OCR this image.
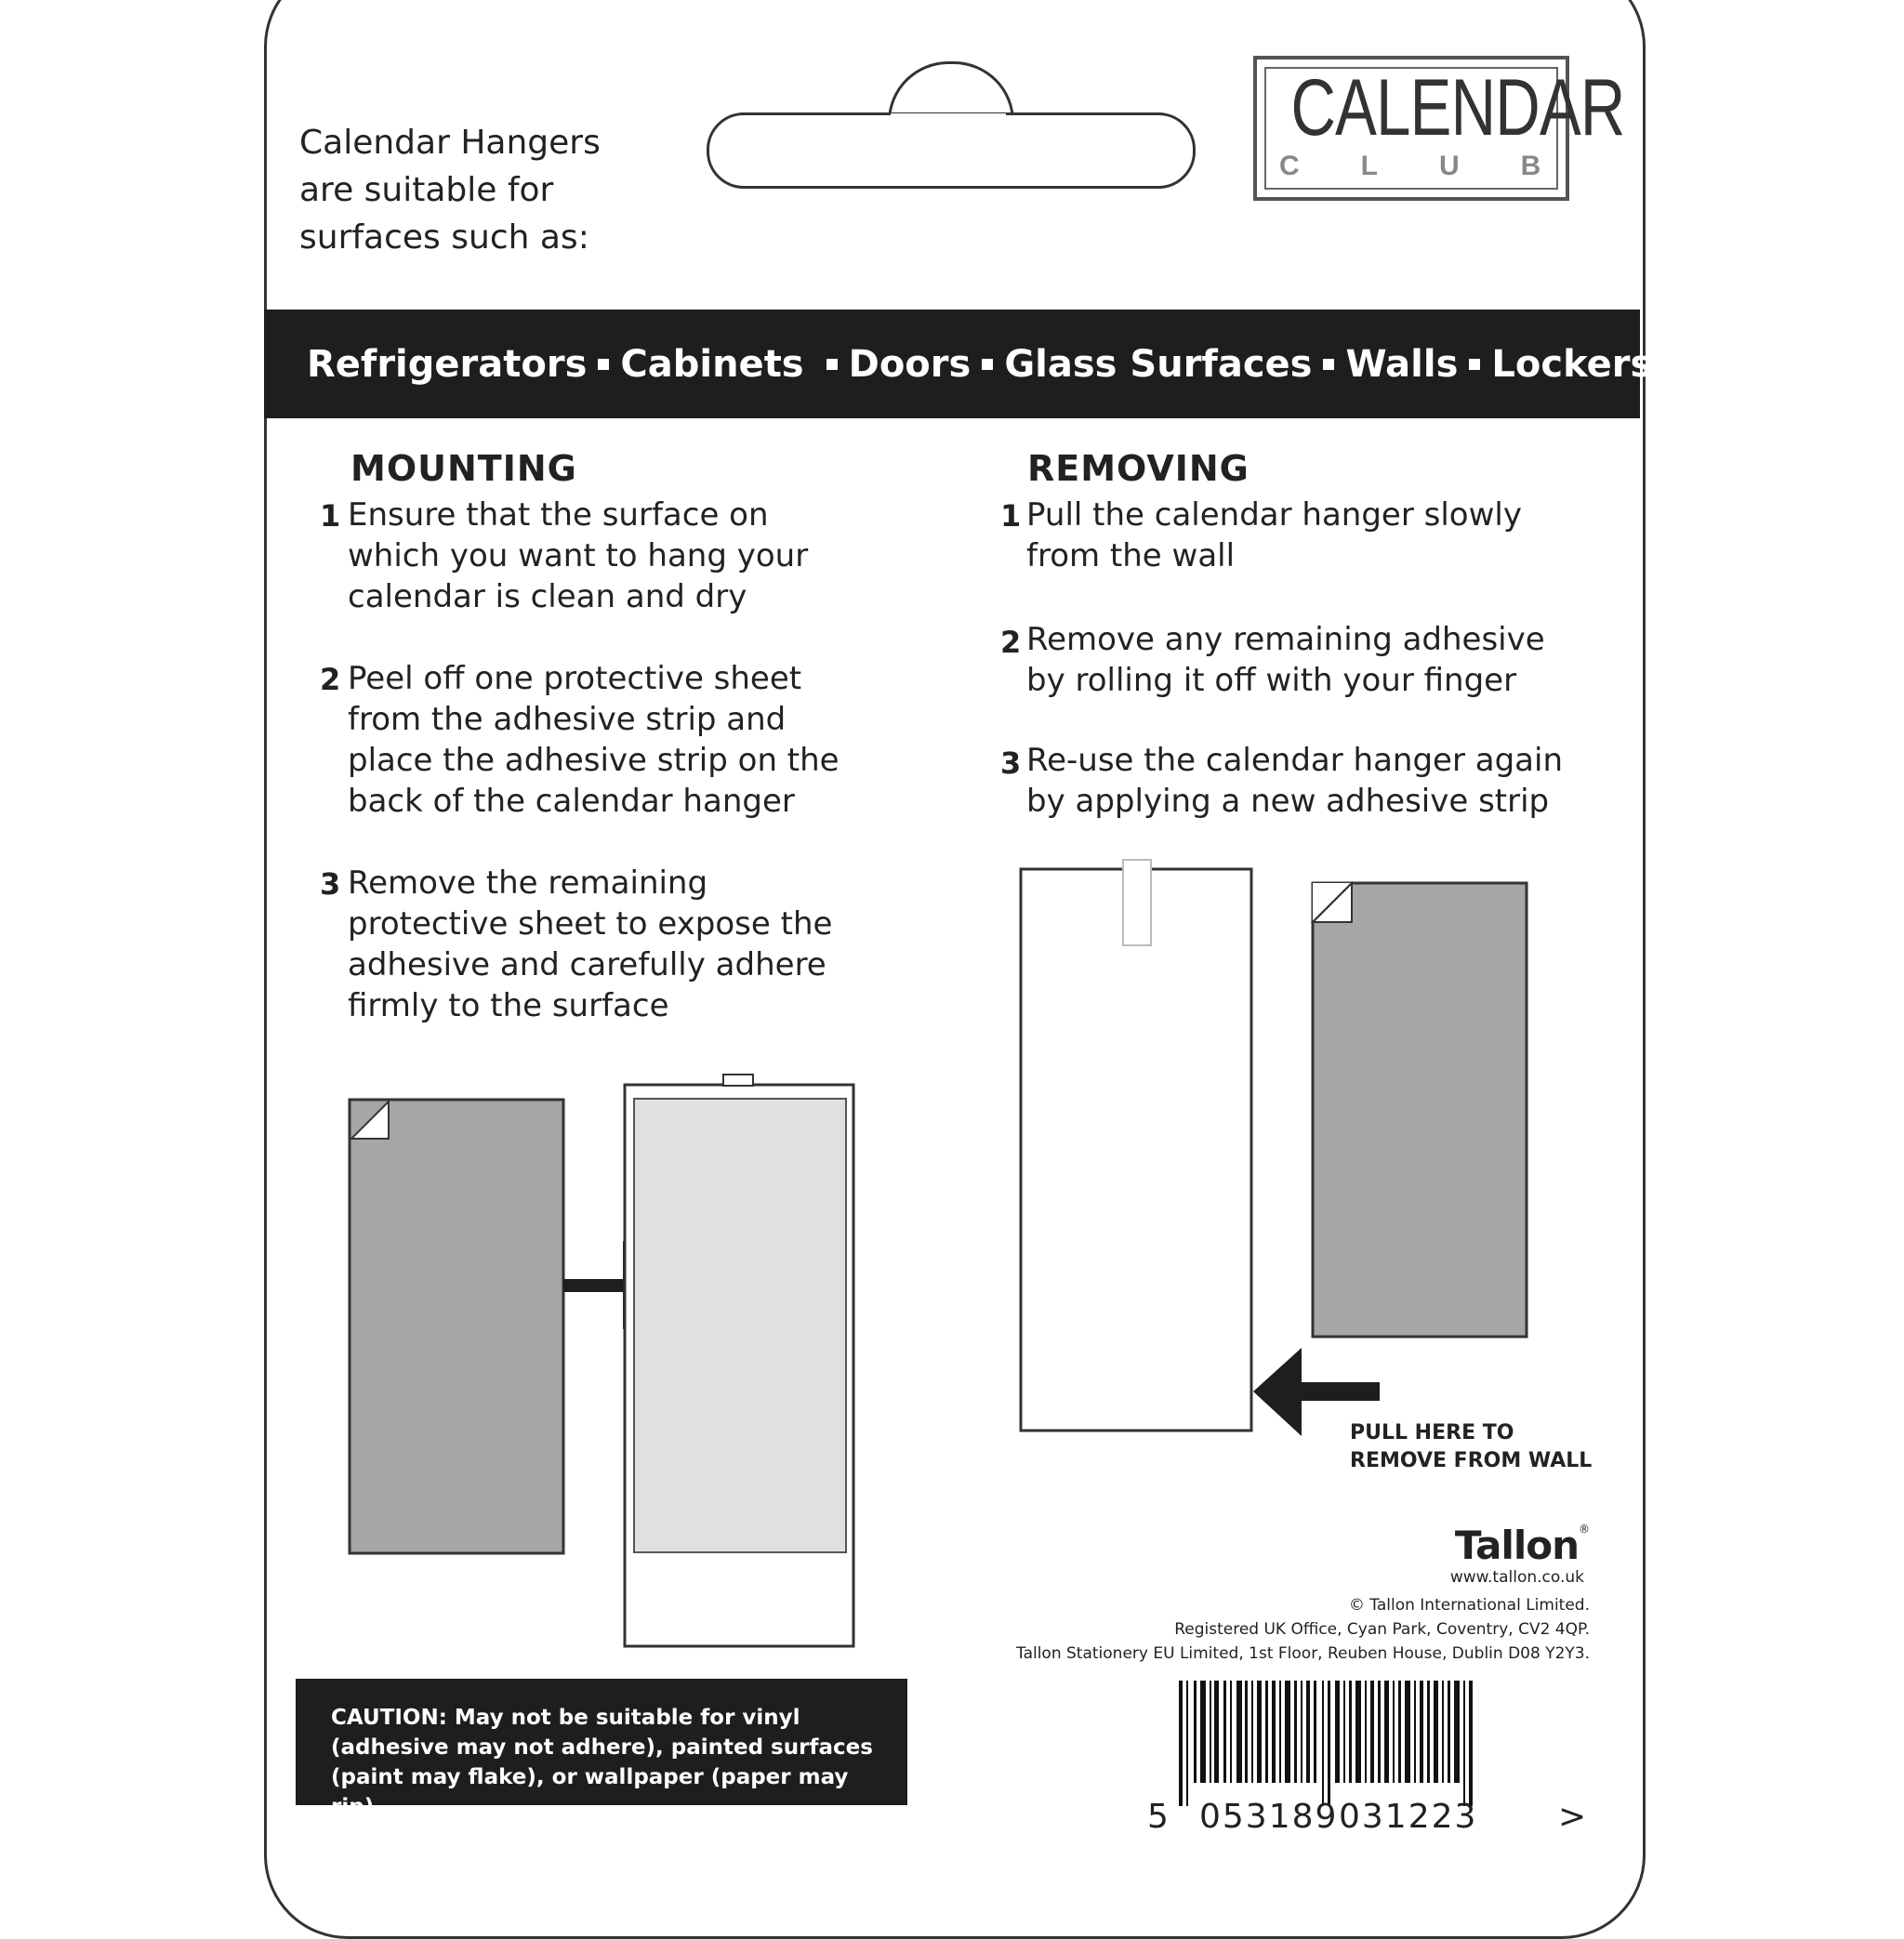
Calendar Hangers
are suitable for
surfaces such as:
CALENDAR
CLUB
Refrigerators Cabinets Doors Glass Surfaces Walls Lockers
MOUNTING
1 Ensure that the surface on
which you want to hang your
calendar is clean and dry
2 Peel off one protective sheet
from the adhesive strip and
place the adhesive strip on the
back of the calendar hanger
3 Remove the remaining
protective sheet to expose the
adhesive and carefully adhere
firmly to the surface
REMOVING
1 Pull the calendar hanger slowly
from the wall
2 Remove any remaining adhesive
by rolling it off with your finger
3 Re-use the calendar hanger again
by applying a new adhesive strip
PULL HERE TO
REMOVE FROM WALL
CAUTION: May not be suitable for vinyl
(adhesive may not adhere), painted surfaces
(paint may flake), or wallpaper (paper may rip).
Tallon®
www.tallon.co.uk
© Tallon International Limited.
Registered UK Office, Cyan Park, Coventry, CV2 4QP.
Tallon Stationery EU Limited, 1st Floor, Reuben House, Dublin D08 Y2Y3.
5 053189 031223 >
